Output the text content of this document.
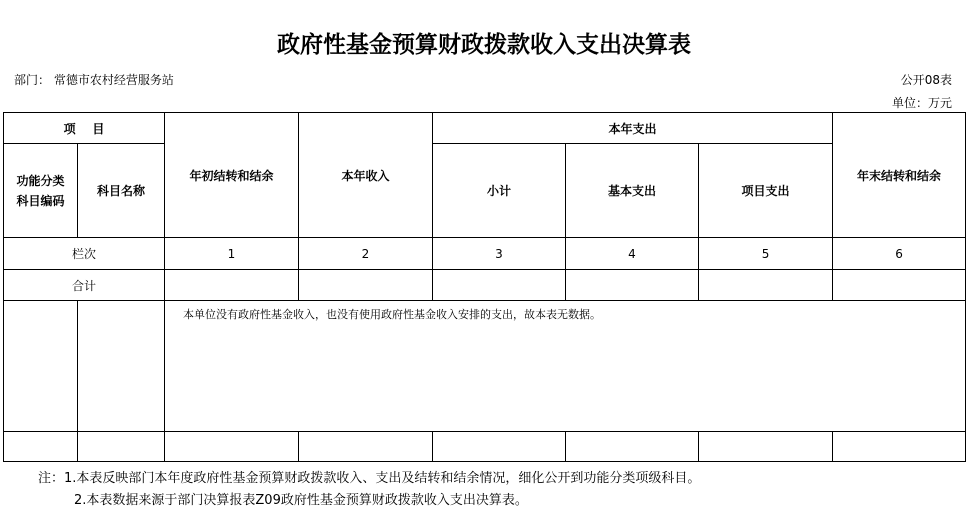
政府性基金预算财政拨款收入支出决算表
部门： 常德市农村经营服务站	公开08表
单位：万元
项    目		年初结转和结余	本年收入	本年支出			年末结转和结余
功能分类科目编码	科目名称			小计	基本支出	项目支出	
栏次		1	2	3	4	5	6
合计							

		本单位没有政府性基金收入，也没有使用政府性基金收入安排的支出，故本表无数据。					

注：1.本表反映部门本年度政府性基金预算财政拨款收入、支出及结转和结余情况，细化公开到功能分类项级科目。
2.本表数据来源于部门决算报表Z09政府性基金预算财政拨款收入支出决算表。
